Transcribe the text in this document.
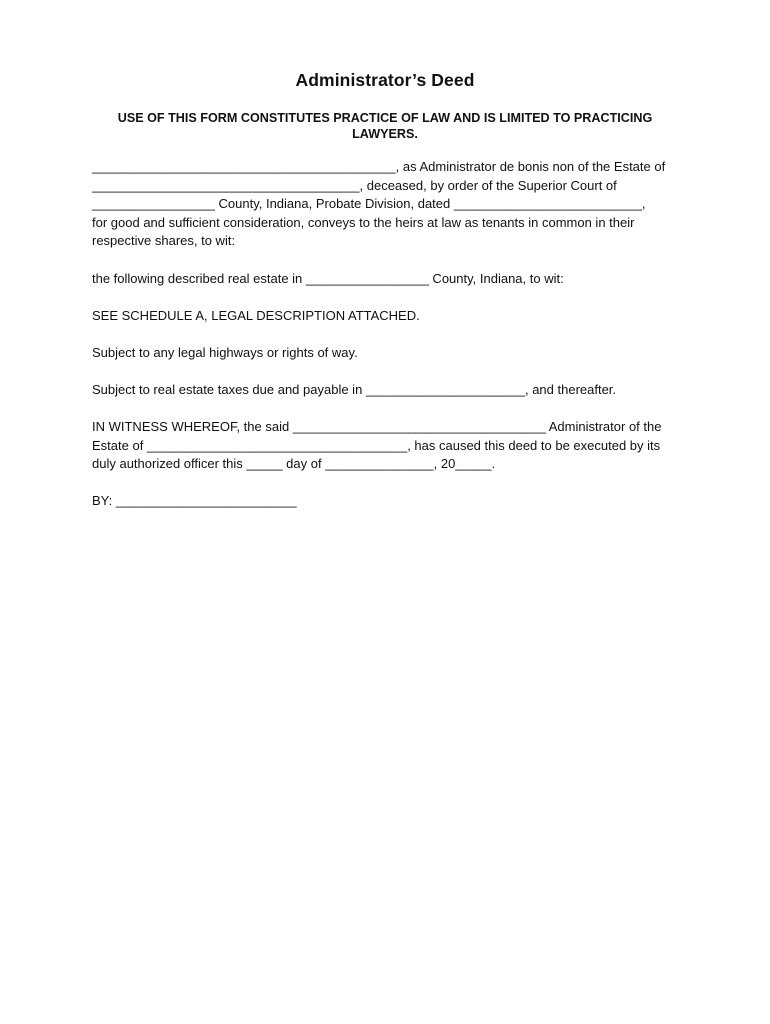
Administrator’s Deed
USE OF THIS FORM CONSTITUTES PRACTICE OF LAW AND IS LIMITED TO PRACTICING LAWYERS.
__________________________________________, as Administrator de bonis non of the Estate of
_____________________________________, deceased, by order of the Superior Court of
_________________ County, Indiana, Probate Division, dated __________________________,
for good and sufficient consideration, conveys to the heirs at law as tenants in common in their
respective shares, to wit:
the following described real estate in _________________ County, Indiana, to wit:
SEE SCHEDULE A, LEGAL DESCRIPTION ATTACHED.
Subject to any legal highways or rights of way.
Subject to real estate taxes due and payable in ______________________, and thereafter.
IN WITNESS WHEREOF, the said ___________________________________ Administrator of the
Estate of ____________________________________, has caused this deed to be executed by its
duly authorized officer this _____ day of _______________, 20_____.
BY: _________________________
